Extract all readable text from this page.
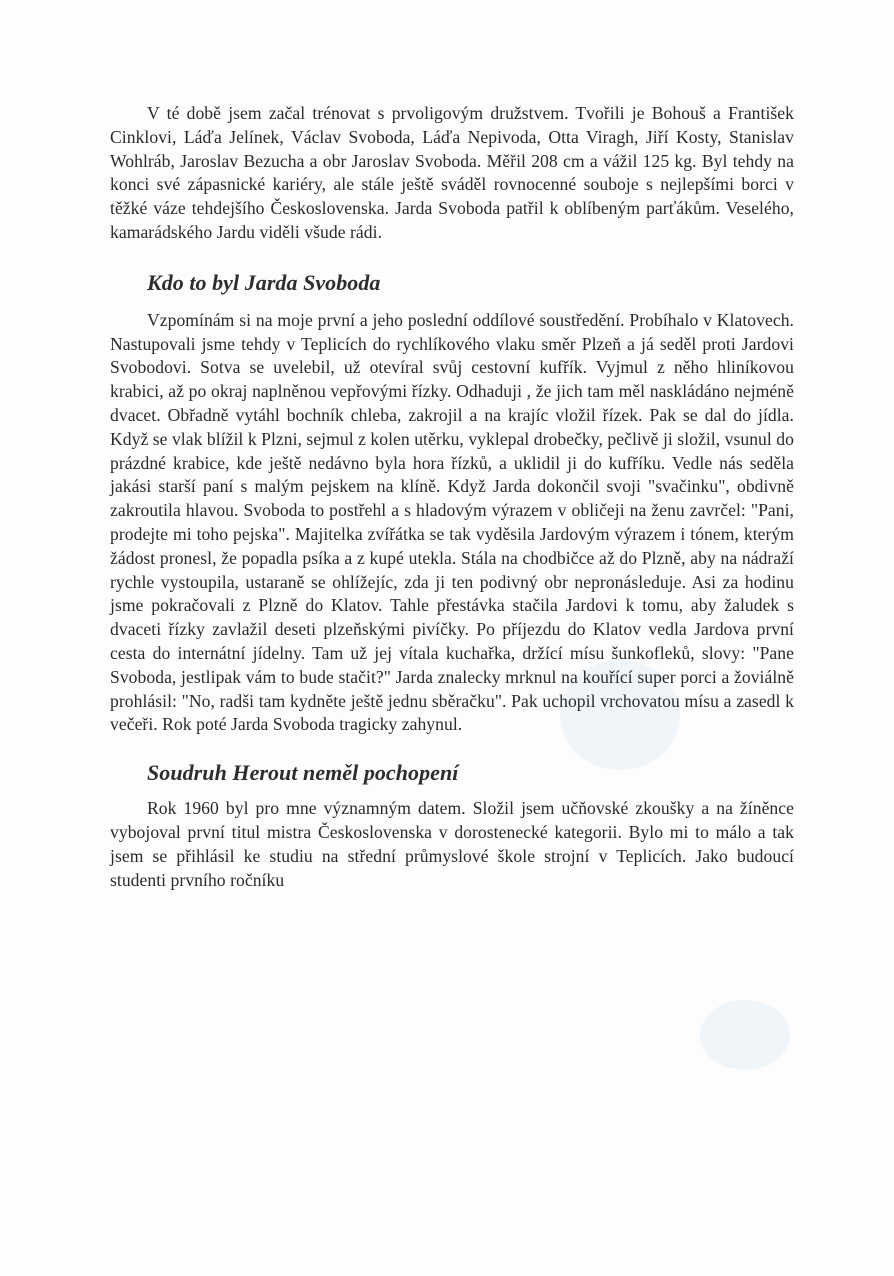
V té době jsem začal trénovat s prvoligovým družstvem. Tvořili je Bohouš a František Cinklovi, Láďa Jelínek, Václav Svoboda, Láďa Nepivoda, Otta Viragh, Jiří Kosty, Stanislav Wohlráb, Jaroslav Bezucha a obr Jaroslav Svoboda. Měřil 208 cm a vážil 125 kg. Byl tehdy na konci své zápasnické kariéry, ale stále ještě sváděl rovnocenné souboje s nejlepšími borci v těžké váze tehdejšího Československa. Jarda Svoboda patřil k oblíbeným parťákům. Veselého, kamarádského Jardu viděli všude rádi.

Kdo to byl Jarda Svoboda

Vzpomínám si na moje první a jeho poslední oddílové soustředění. Probíhalo v Klatovech. Nastupovali jsme tehdy v Teplicích do rychlíkového vlaku směr Plzeň a já seděl proti Jardovi Svobodovi. Sotva se uvelebil, už otevíral svůj cestovní kufřík. Vyjmul z něho hliníkovou krabici, až po okraj naplněnou vepřovými řízky. Odhaduji , že jich tam měl naskládáno nejméně dvacet. Obřadně vytáhl bochník chleba, zakrojil a na krajíc vložil řízek. Pak se dal do jídla. Když se vlak blížil k Plzni, sejmul z kolen utěrku, vyklepal drobečky, pečlivě ji složil, vsunul do prázdné krabice, kde ještě nedávno byla hora řízků, a uklidil ji do kufříku. Vedle nás seděla jakási starší paní s malým pejskem na klíně. Když Jarda dokončil svoji "svačinku", obdivně zakroutila hlavou. Svoboda to postřehl a s hladovým výrazem v obličeji na ženu zavrčel: "Pani, prodejte mi toho pejska". Majitelka zvířátka se tak vyděsila Jardovým výrazem i tónem, kterým žádost pronesl, že popadla psíka a z kupé utekla. Stála na chodbičce až do Plzně, aby na nádraží rychle vystoupila, ustaraně se ohlížejíc, zda ji ten podivný obr nepronásleduje. Asi za hodinu jsme pokračovali z Plzně do Klatov. Tahle přestávka stačila Jardovi k tomu, aby žaludek s dvaceti řízky zavlažil deseti plzeňskými pivíčky. Po příjezdu do Klatov vedla Jardova první cesta do internátní jídelny. Tam už jej vítala kuchařka, držící mísu šunkofleků, slovy: "Pane Svoboda, jestlipak vám to bude stačit?" Jarda znalecky mrknul na kouřící super porci a žoviálně prohlásil: "No, radši tam kydněte ještě jednu sběračku". Pak uchopil vrchovatou mísu a zasedl k večeři. Rok poté Jarda Svoboda tragicky zahynul.

Soudruh Herout neměl pochopení

Rok 1960 byl pro mne významným datem. Složil jsem učňovské zkoušky a na žíněnce vybojoval první titul mistra Československa v dorostenecké kategorii. Bylo mi to málo a tak jsem se přihlásil ke studiu na střední průmyslové škole strojní v Teplicích. Jako budoucí studenti prvního ročníku
